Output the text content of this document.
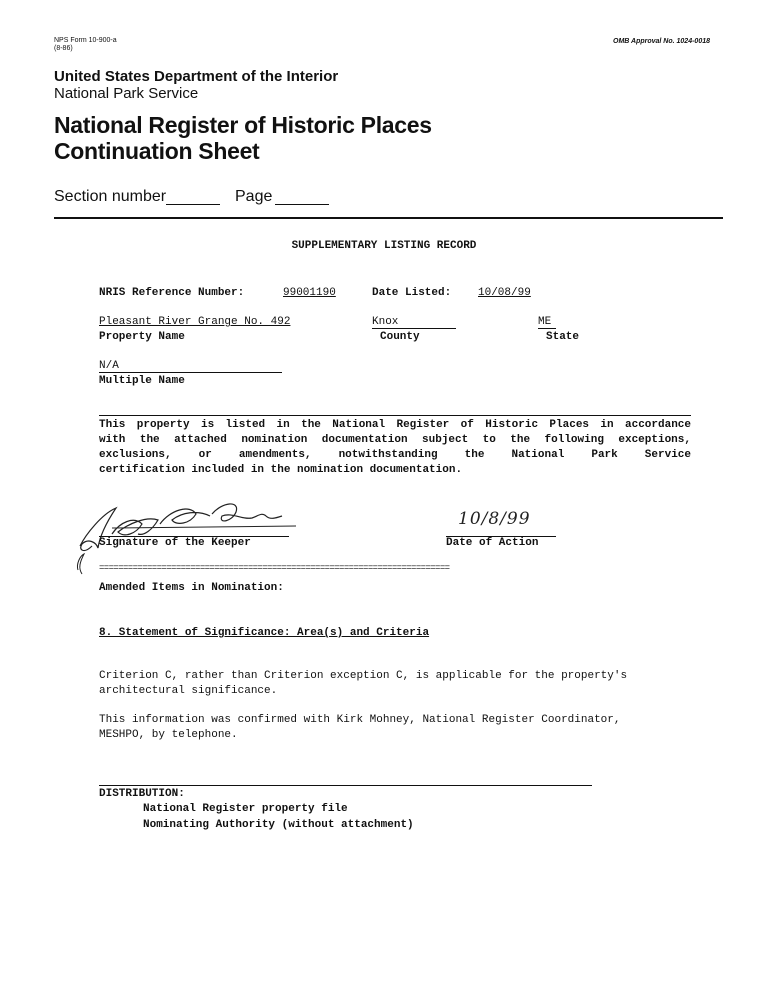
NPS Form 10-900-a
(8-86)
OMB Approval No. 1024-0018
United States Department of the Interior
National Park Service
National Register of Historic Places
Continuation Sheet
Section number	Page
SUPPLEMENTARY LISTING RECORD
NRIS Reference Number:	99001190	Date Listed: 10/08/99
Pleasant River Grange No. 492	Knox	ME
Property Name	County	State
N/A
Multiple Name
This property is listed in the National Register of Historic Places in accordance
with the attached nomination documentation subject to the following exceptions,
exclusions, or amendments, notwithstanding the National Park Service
certification included in the nomination documentation.
Signature of the Keeper
10/8/99
Date of Action
=========================================================================
Amended Items in Nomination:
8. Statement of Significance: Area(s) and Criteria
Criterion C, rather than Criterion exception C, is applicable for the property's
architectural significance.
This information was confirmed with Kirk Mohney, National Register Coordinator,
MESHPO, by telephone.
DISTRIBUTION:
National Register property file
Nominating Authority (without attachment)
